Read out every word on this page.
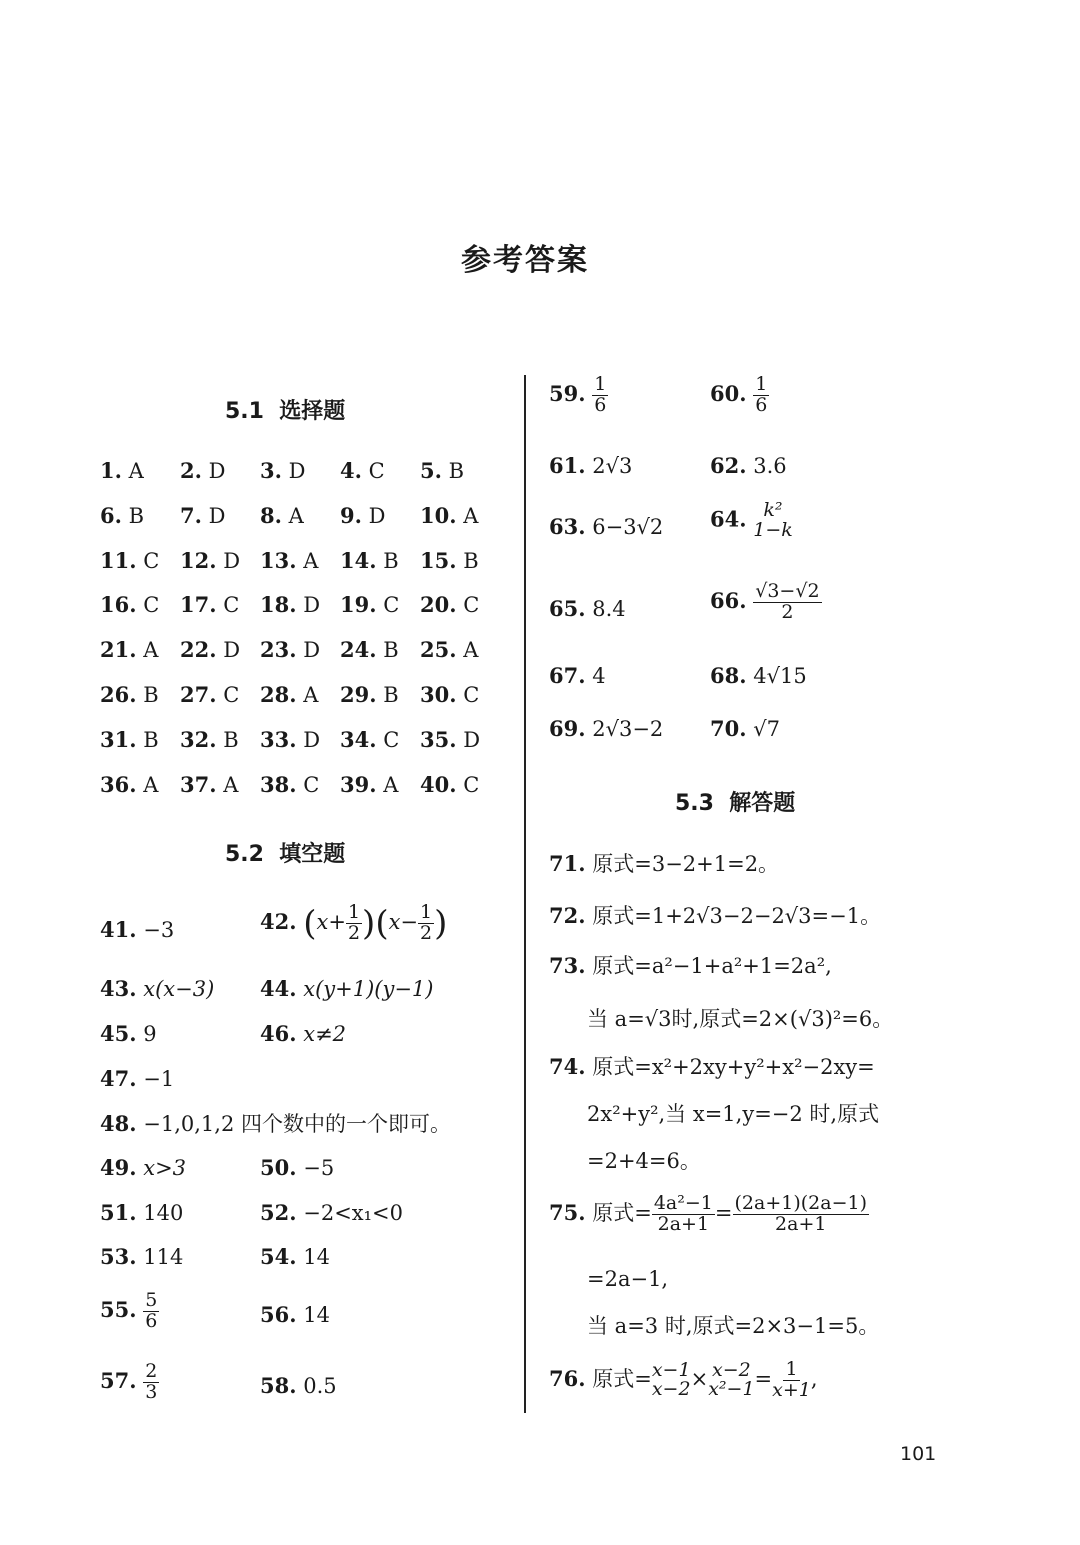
参考答案
5.1  选择题
1. A 2. D 3. D 4. C 5. B
6. B 7. D 8. A 9. D 10. A
11. C 12. D 13. A 14. B 15. B
16. C 17. C 18. D 19. C 20. C
21. A 22. D 23. D 24. B 25. A
26. B 27. C 28. A 29. B 30. C
31. B 32. B 33. D 34. C 35. D
36. A 37. A 38. C 39. A 40. C
5.2  填空题
41. −3	42. $(x+ \frac{1}{2} )(x- \frac{1}{2}$ )
43. x(x−3) 44. x(y+1)(y−1)
45. 9	46. x≠2
47. −1
48. −1,0,1,2 四个数中的一个即可。
49. x>3	50. −5
51. 140	52. −2<x₁<0
53. 114	54. 14
55. $\frac{5}{6}$	56. 14
57. $\frac{2}{3}$	58. 0.5
59. $\frac{1}{6}$	60. $\frac{1}{6}$
61. 2√3	62. 3.6
63. 6−3√2 64. k²
1−k
65. 8.4	66. $\frac{√3-√2}{2}$
67. 4	68. 4√15
69. 2√3−2 70. √7
5.3  解答题
71. 原式=3−2+1=2。
72. 原式=1+2√3−2−2√3=−1。
73. 原式=a²−1+a²+1=2a²,
当 a=√3时,原式=2×(√3)²=6。
74. 原式=x²+2xy+y²+x²−2xy=
2x²+y²,当 x=1,y=−2 时,原式
=2+4=6。
75. 原式= $\frac{\text{4a²−1}}{2a+1} = \frac{(2a+1)(2a-1)}{2a+1}$
=2a−1,
当 a=3 时,原式=2×3−1=5。
76. 原式= x−1
x−2 × x−2
$x^2-1 = \frac{1}{x+1}$ ,
101
